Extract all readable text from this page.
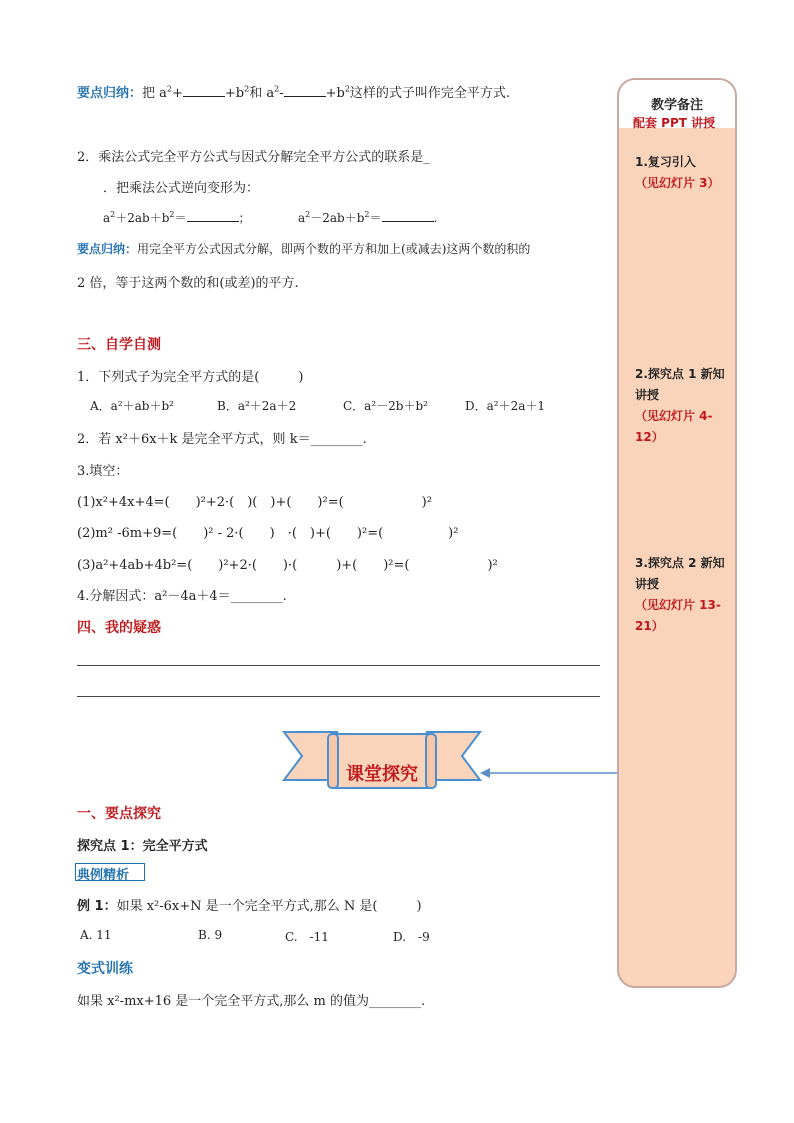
要点归纳：把 $a^2+$	$+b^2$和 $a^2-$	$+b^2$这样的式子叫作完全平方式.
2．乘法公式完全平方公式与因式分解完全平方公式的联系是_
．把乘法公式逆向变形为：
$a^2+2ab+b^2=$	；	$a^2-2ab+b^2=$	.
要点归纳：用完全平方公式因式分解，即两个数的平方和加上(或减去)这两个数的积的
2 倍，等于这两个数的和(或差)的平方.
三、自学自测
1．下列式子为完全平方式的是(　　　)
A．a²＋ab＋b²	B．a²＋2a＋2	C．a²－2b＋b²	D．a²＋2a＋1
2．若 x²＋6x＋k 是完全平方式，则 k＝________.
3.填空：
(1)x²+4x+4=(　　)²+2·(　)(　)+(　　)²=(　　　　　　)²
(2)m² -6m+9=(　　)² - 2·(　　)　·(　)+(　　)²=(　　　　　)²
(3)a²+4ab+4b²=(　　)²+2·(　　)·(　　　)+(　　)²=(　　　　　　)²
4.分解因式：a²－4a＋4＝________.
四、我的疑惑
课堂探究
一、要点探究
探究点 1：完全平方式
典例精析
例 1：如果 x²-6x+N 是一个完全平方式,那么 N 是(　　　)
A. 11	B. 9	C.　-11	D.　-9
变式训练
如果 x²-mx+16 是一个完全平方式,那么 m 的值为________.
教学备注
配套 PPT 讲授
1.复习引入
（见幻灯片 3）
2.探究点 1 新知讲授
（见幻灯片 4-12）
3.探究点 2 新知讲授
（见幻灯片 13-21）
